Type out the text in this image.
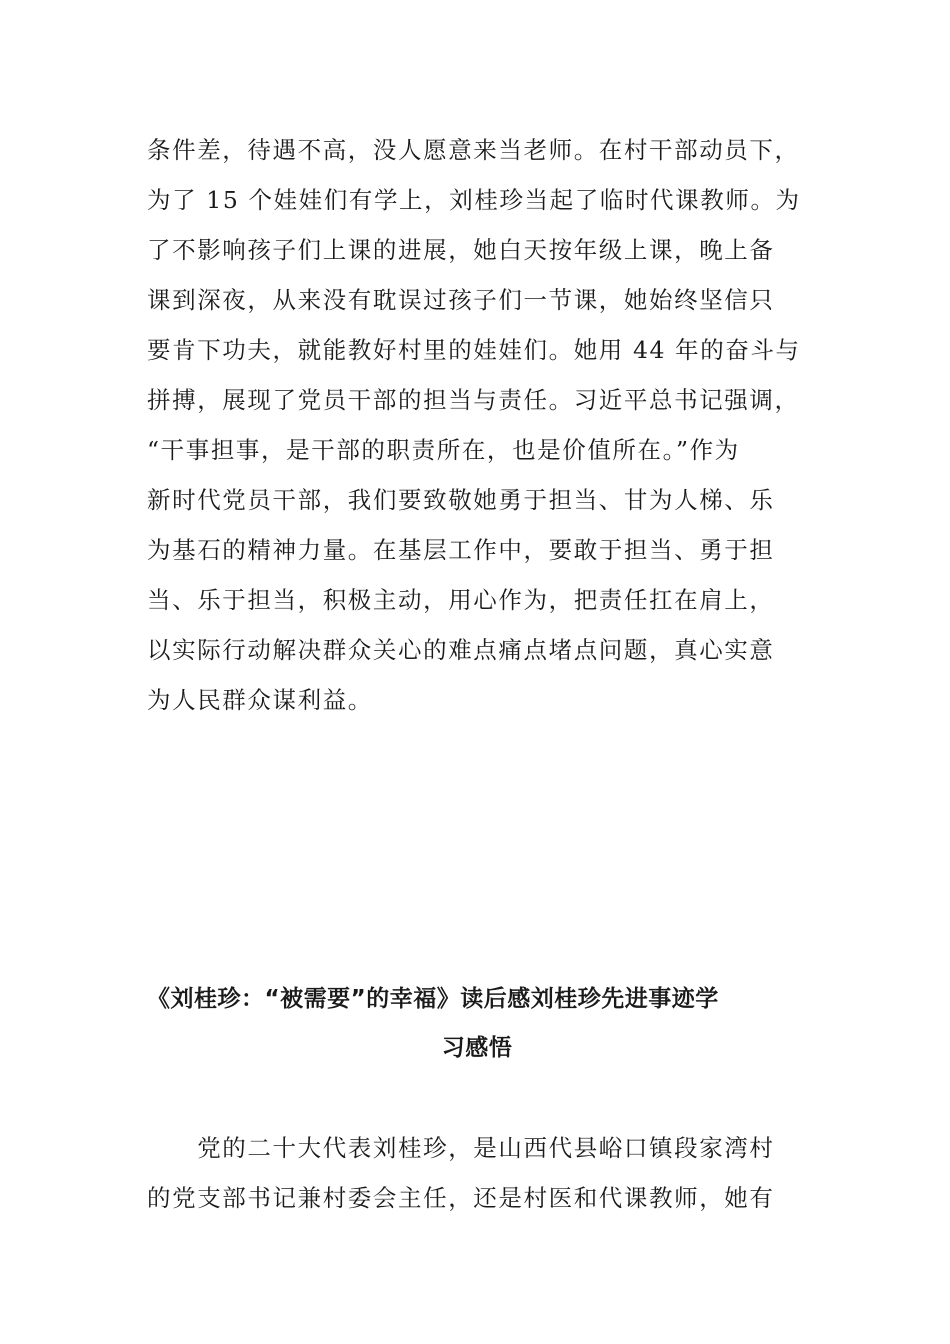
条件差，待遇不高，没人愿意来当老师。在村干部动员下，
为了 15 个娃娃们有学上，刘桂珍当起了临时代课教师。为
了不影响孩子们上课的进展，她白天按年级上课，晚上备
课到深夜，从来没有耽误过孩子们一节课，她始终坚信只
要肯下功夫，就能教好村里的娃娃们。她用 44 年的奋斗与
拼搏，展现了党员干部的担当与责任。习近平总书记强调，
“干事担事，是干部的职责所在，也是价值所在。”作为
新时代党员干部，我们要致敬她勇于担当、甘为人梯、乐
为基石的精神力量。在基层工作中，要敢于担当、勇于担
当、乐于担当，积极主动，用心作为，把责任扛在肩上，
以实际行动解决群众关心的难点痛点堵点问题，真心实意
为人民群众谋利益。
《刘桂珍：“被需要”的幸福》读后感刘桂珍先进事迹学
习感悟
　　党的二十大代表刘桂珍，是山西代县峪口镇段家湾村
的党支部书记兼村委会主任，还是村医和代课教师，她有
